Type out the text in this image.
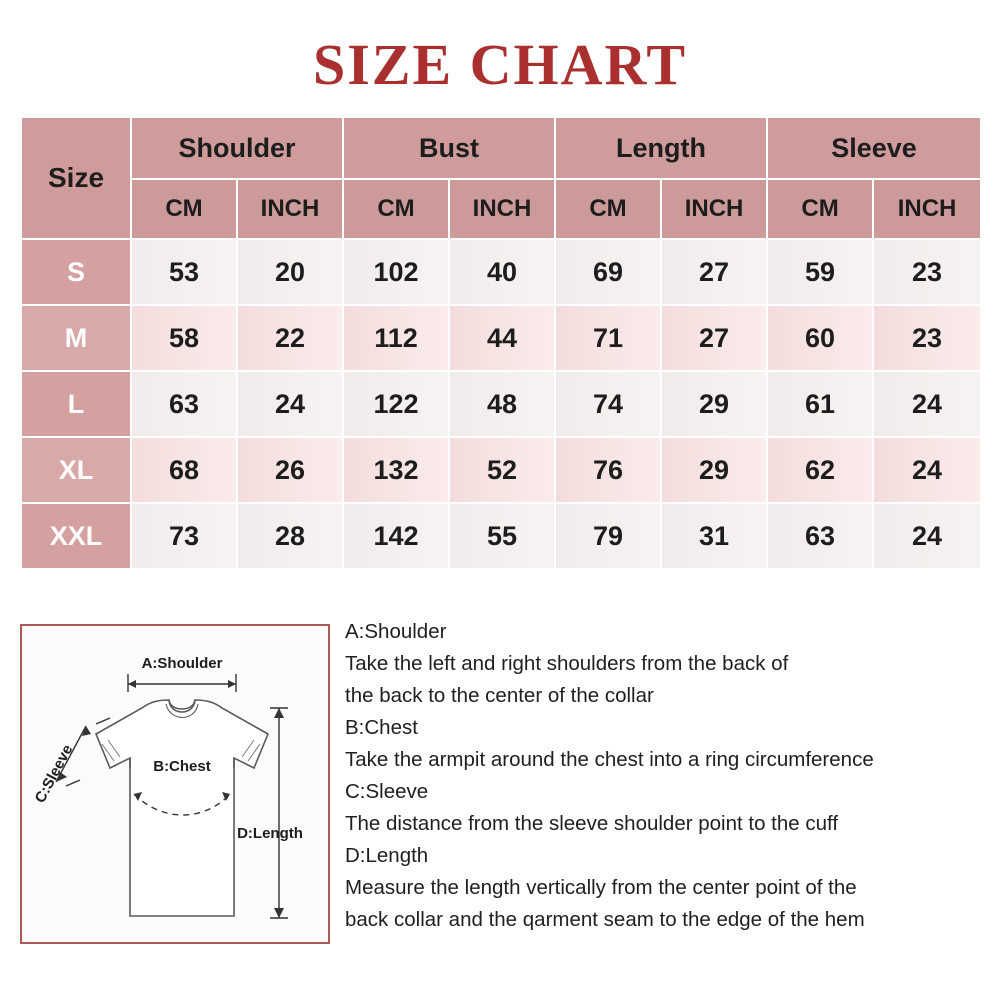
SIZE CHART
Size	Shoulder		Bust		Length		Sleeve	
	CM	INCH	CM	INCH	CM	INCH	CM	INCH
S	53	20	102	40	69	27	59	23
M	58	22	112	44	71	27	60	23
L	63	24	122	48	74	29	61	24
XL	68	26	132	52	76	29	62	24
XXL	73	28	142	55	79	31	63	24
A:Shoulder
B:Chest
C:Sleeve
D:Length

A:Shoulder

Take the left and right shoulders from the back of

the back to the center of the collar

B:Chest

Take the armpit around the chest into a ring circumference

C:Sleeve

The distance from the sleeve shoulder point to the cuff

D:Length

Measure the length vertically from the center point of the

back collar and the qarment seam to the edge of the hem
